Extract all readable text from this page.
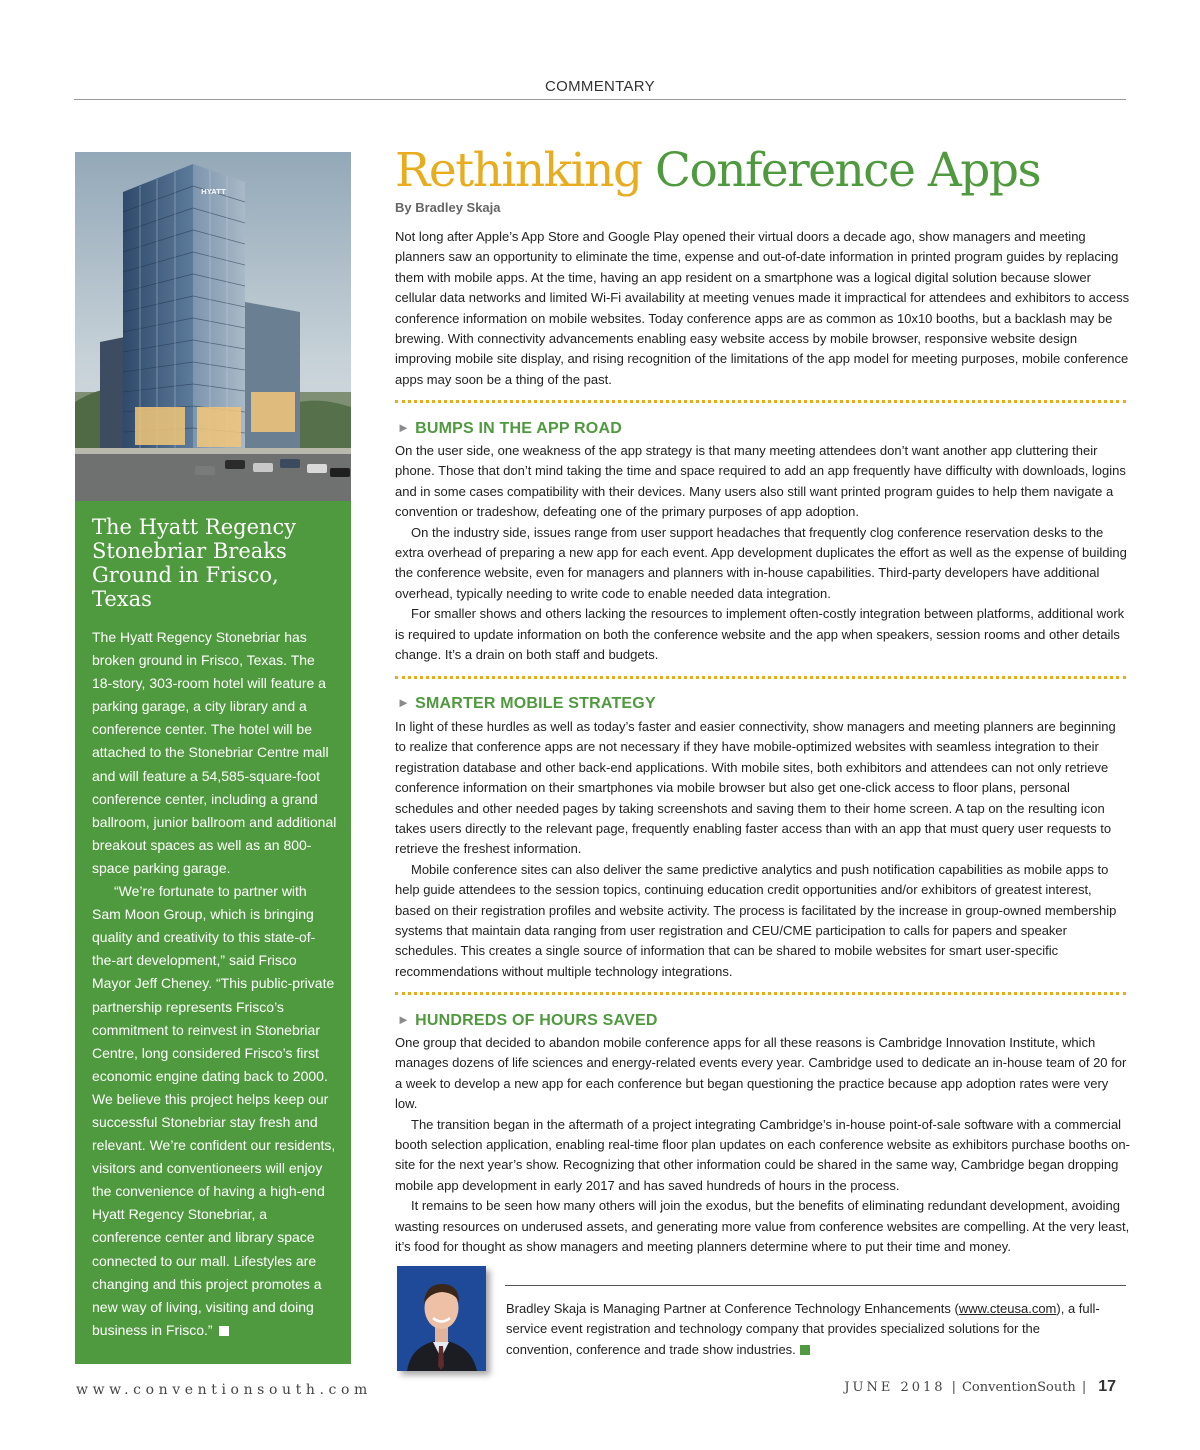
COMMENTARY
HYATT
The Hyatt Regency Stonebriar Breaks Ground in Frisco, Texas

The Hyatt Regency Stonebriar has broken ground in Frisco, Texas. The 18-story, 303-room hotel will feature a parking garage, a city library and a conference center. The hotel will be attached to the Stonebriar Centre mall and will feature a 54,585-square-foot conference center, including a grand ballroom, junior ballroom and additional breakout spaces as well as an 800-space parking garage.

“We’re fortunate to partner with Sam Moon Group, which is bringing quality and creativity to this state-of-the-art development,” said Frisco Mayor Jeff Cheney. “This public-private partnership represents Frisco’s commitment to reinvest in Stonebriar Centre, long considered Frisco’s first economic engine dating back to 2000. We believe this project helps keep our successful Stonebriar stay fresh and relevant. We’re confident our residents, visitors and conventioneers will enjoy the convenience of having a high-end Hyatt Regency Stonebriar, a conference center and library space connected to our mall. Lifestyles are changing and this project promotes a new way of living, visiting and doing business in Frisco.”

Rethinking Conference Apps
By Bradley Skaja

Not long after Apple’s App Store and Google Play opened their virtual doors a decade ago, show managers and meeting planners saw an opportunity to eliminate the time, expense and out-of-date information in printed program guides by replacing them with mobile apps. At the time, having an app resident on a smartphone was a logical digital solution because slower cellular data networks and limited Wi-Fi availability at meeting venues made it impractical for attendees and exhibitors to access conference information on mobile websites. Today conference apps are as common as 10x10 booths, but a backlash may be brewing. With connectivity advancements enabling easy website access by mobile browser, responsive website design improving mobile site display, and rising recognition of the limitations of the app model for meeting purposes, mobile conference apps may soon be a thing of the past.

► BUMPS IN THE APP ROAD

On the user side, one weakness of the app strategy is that many meeting attendees don’t want another app cluttering their phone. Those that don’t mind taking the time and space required to add an app frequently have difficulty with downloads, logins and in some cases compatibility with their devices. Many users also still want printed program guides to help them navigate a convention or tradeshow, defeating one of the primary purposes of app adoption.

On the industry side, issues range from user support headaches that frequently clog conference reservation desks to the extra overhead of preparing a new app for each event. App development duplicates the effort as well as the expense of building the conference website, even for managers and planners with in-house capabilities. Third-party developers have additional overhead, typically needing to write code to enable needed data integration.

For smaller shows and others lacking the resources to implement often-costly integration between platforms, additional work is required to update information on both the conference website and the app when speakers, session rooms and other details change. It’s a drain on both staff and budgets.

► SMARTER MOBILE STRATEGY

In light of these hurdles as well as today’s faster and easier connectivity, show managers and meeting planners are beginning to realize that conference apps are not necessary if they have mobile-optimized websites with seamless integration to their registration database and other back-end applications. With mobile sites, both exhibitors and attendees can not only retrieve conference information on their smartphones via mobile browser but also get one-click access to floor plans, personal schedules and other needed pages by taking screenshots and saving them to their home screen. A tap on the resulting icon takes users directly to the relevant page, frequently enabling faster access than with an app that must query user requests to retrieve the freshest information.

Mobile conference sites can also deliver the same predictive analytics and push notification capabilities as mobile apps to help guide attendees to the session topics, continuing education credit opportunities and/or exhibitors of greatest interest, based on their registration profiles and website activity. The process is facilitated by the increase in group-owned membership systems that maintain data ranging from user registration and CEU/CME participation to calls for papers and speaker schedules. This creates a single source of information that can be shared to mobile websites for smart user-specific recommendations without multiple technology integrations.

► HUNDREDS OF HOURS SAVED

One group that decided to abandon mobile conference apps for all these reasons is Cambridge Innovation Institute, which manages dozens of life sciences and energy-related events every year. Cambridge used to dedicate an in-house team of 20 for a week to develop a new app for each conference but began questioning the practice because app adoption rates were very low.

The transition began in the aftermath of a project integrating Cambridge’s in-house point-of-sale software with a commercial booth selection application, enabling real-time floor plan updates on each conference website as exhibitors purchase booths on-site for the next year’s show. Recognizing that other information could be shared in the same way, Cambridge began dropping mobile app development in early 2017 and has saved hundreds of hours in the process.

It remains to be seen how many others will join the exodus, but the benefits of eliminating redundant development, avoiding wasting resources on underused assets, and generating more value from conference websites are compelling. At the very least, it’s food for thought as show managers and meeting planners determine where to put their time and money.

Bradley Skaja is Managing Partner at Conference Technology Enhancements (www.cteusa.com), a full-service event registration and technology company that provides specialized solutions for the convention, conference and trade show industries.
www.conventionsouth.com	JUNE 2018 | ConventionSouth | 17
